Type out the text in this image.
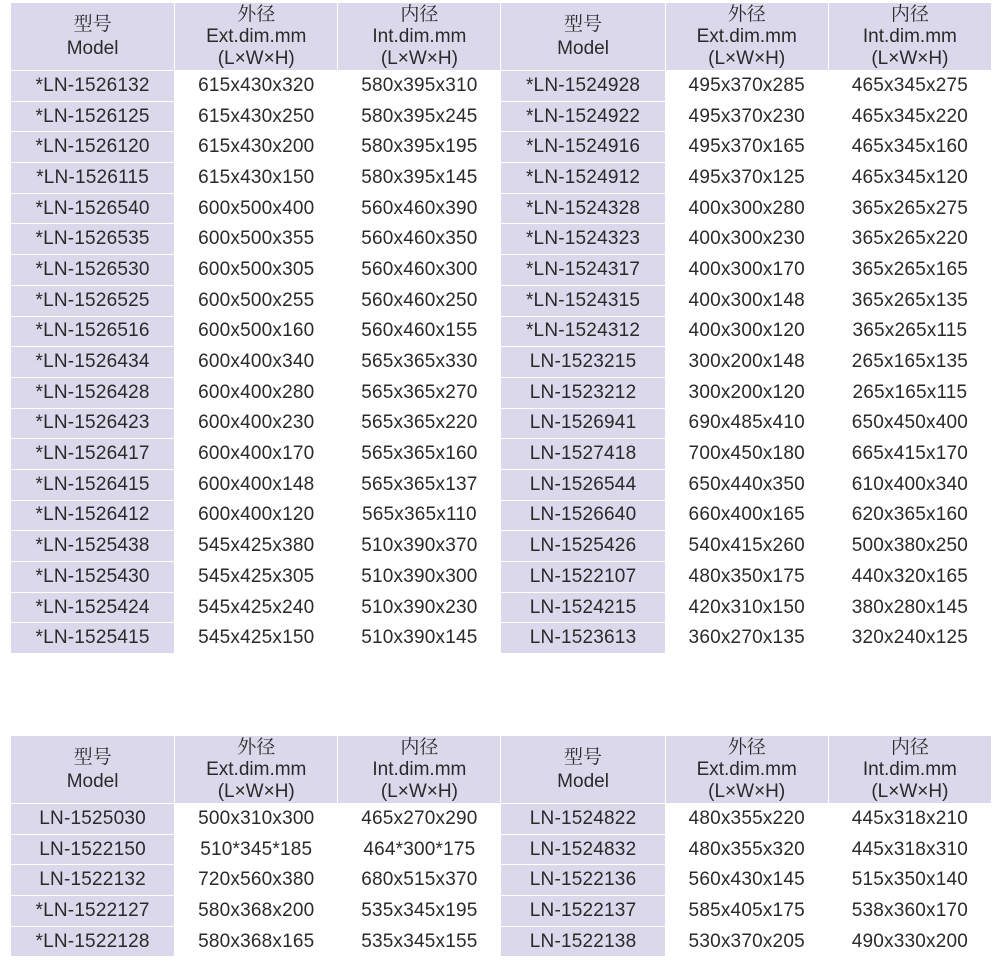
型号
Model	外径
Ext.dim.mm
(L×W×H)	内径
Int.dim.mm
(L×W×H)	型号
Model	外径
Ext.dim.mm
(L×W×H)	内径
Int.dim.mm
(L×W×H)

*LN-1526132	615x430x320	580x395x310	*LN-1524928	495x370x285	465x345x275
*LN-1526125	615x430x250	580x395x245	*LN-1524922	495x370x230	465x345x220
*LN-1526120	615x430x200	580x395x195	*LN-1524916	495x370x165	465x345x160
*LN-1526115	615x430x150	580x395x145	*LN-1524912	495x370x125	465x345x120
*LN-1526540	600x500x400	560x460x390	*LN-1524328	400x300x280	365x265x275
*LN-1526535	600x500x355	560x460x350	*LN-1524323	400x300x230	365x265x220
*LN-1526530	600x500x305	560x460x300	*LN-1524317	400x300x170	365x265x165
*LN-1526525	600x500x255	560x460x250	*LN-1524315	400x300x148	365x265x135
*LN-1526516	600x500x160	560x460x155	*LN-1524312	400x300x120	365x265x115
*LN-1526434	600x400x340	565x365x330	LN-1523215	300x200x148	265x165x135
*LN-1526428	600x400x280	565x365x270	LN-1523212	300x200x120	265x165x115
*LN-1526423	600x400x230	565x365x220	LN-1526941	690x485x410	650x450x400
*LN-1526417	600x400x170	565x365x160	LN-1527418	700x450x180	665x415x170
*LN-1526415	600x400x148	565x365x137	LN-1526544	650x440x350	610x400x340
*LN-1526412	600x400x120	565x365x110	LN-1526640	660x400x165	620x365x160
*LN-1525438	545x425x380	510x390x370	LN-1525426	540x415x260	500x380x250
*LN-1525430	545x425x305	510x390x300	LN-1522107	480x350x175	440x320x165
*LN-1525424	545x425x240	510x390x230	LN-1524215	420x310x150	380x280x145
*LN-1525415	545x425x150	510x390x145	LN-1523613	360x270x135	320x240x125
型号
Model	外径
Ext.dim.mm
(L×W×H)	内径
Int.dim.mm
(L×W×H)	型号
Model	外径
Ext.dim.mm
(L×W×H)	内径
Int.dim.mm
(L×W×H)

LN-1525030	500x310x300	465x270x290	LN-1524822	480x355x220	445x318x210
LN-1522150	510*345*185	464*300*175	LN-1524832	480x355x320	445x318x310
LN-1522132	720x560x380	680x515x370	LN-1522136	560x430x145	515x350x140
*LN-1522127	580x368x200	535x345x195	LN-1522137	585x405x175	538x360x170
*LN-1522128	580x368x165	535x345x155	LN-1522138	530x370x205	490x330x200
